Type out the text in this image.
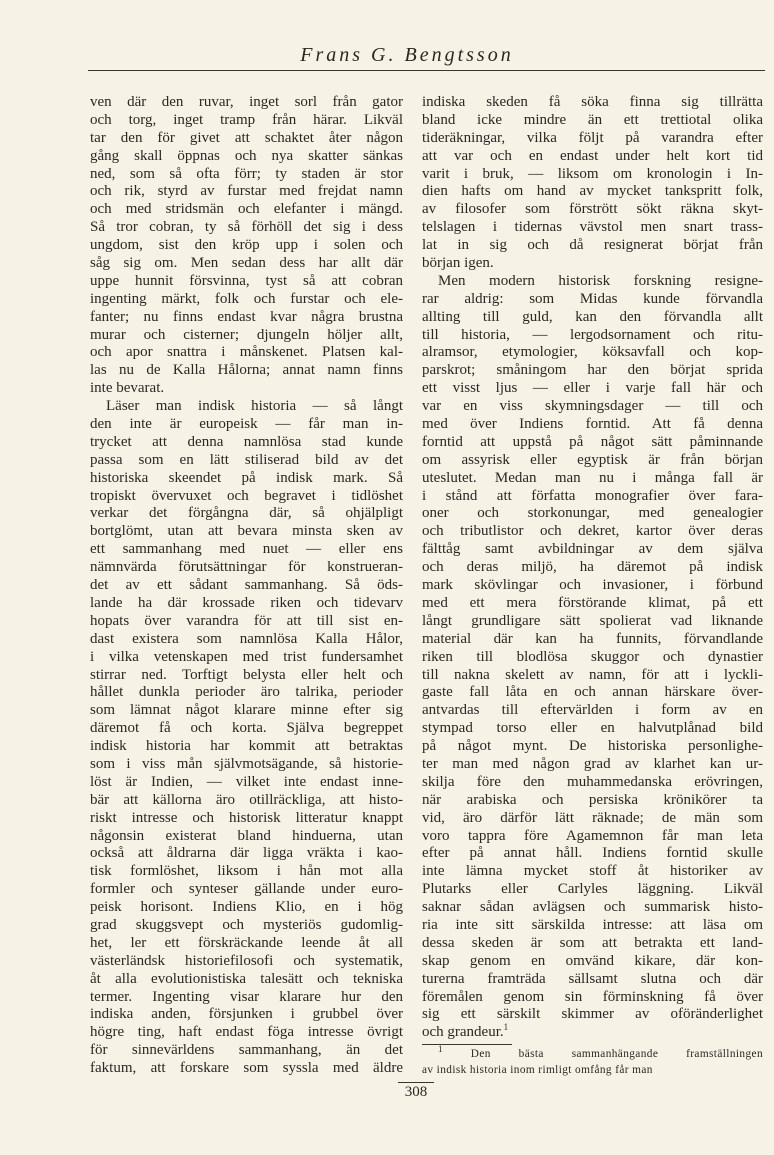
Frans G. Bengtsson
ven där den ruvar, inget sorl från gator
och torg, inget tramp från härar. Likväl
tar den för givet att schaktet åter någon
gång skall öppnas och nya skatter sänkas
ned, som så ofta förr; ty staden är stor
och rik, styrd av furstar med frejdat namn
och med stridsmän och elefanter i mängd.
Så tror cobran, ty så förhöll det sig i dess
ungdom, sist den kröp upp i solen och
såg sig om. Men sedan dess har allt där
uppe hunnit försvinna, tyst så att cobran
ingenting märkt, folk och furstar och ele-
fanter; nu finns endast kvar några brustna
murar och cisterner; djungeln höljer allt,
och apor snattra i månskenet. Platsen kal-
las nu de Kalla Hålorna; annat namn finns
inte bevarat.
Läser man indisk historia — så långt
den inte är europeisk — får man in-
trycket att denna namnlösa stad kunde
passa som en lätt stiliserad bild av det
historiska skeendet på indisk mark. Så
tropiskt övervuxet och begravet i tidlöshet
verkar det förgångna där, så ohjälpligt
bortglömt, utan att bevara minsta sken av
ett sammanhang med nuet — eller ens
nämnvärda förutsättningar för konstrueran-
det av ett sådant sammanhang. Så öds-
lande ha där krossade riken och tidevarv
hopats över varandra för att till sist en-
dast existera som namnlösa Kalla Hålor,
i vilka vetenskapen med trist fundersamhet
stirrar ned. Torftigt belysta eller helt och
hållet dunkla perioder äro talrika, perioder
som lämnat något klarare minne efter sig
däremot få och korta. Själva begreppet
indisk historia har kommit att betraktas
som i viss mån självmotsägande, så historie-
löst är Indien, — vilket inte endast inne-
bär att källorna äro otillräckliga, att histo-
riskt intresse och historisk litteratur knappt
någonsin existerat bland hinduerna, utan
också att åldrarna där ligga vräkta i kao-
tisk formlöshet, liksom i hån mot alla
formler och synteser gällande under euro-
peisk horisont. Indiens Klio, en i hög
grad skuggsvept och mysteriös gudomlig-
het, ler ett förskräckande leende åt all
västerländsk historiefilosofi och systematik,
åt alla evolutionistiska talesätt och tekniska
termer. Ingenting visar klarare hur den
indiska anden, försjunken i grubbel över
högre ting, haft endast föga intresse övrigt
för sinnevärldens sammanhang, än det
faktum, att forskare som syssla med äldre
indiska skeden få söka finna sig tillrätta
bland icke mindre än ett trettiotal olika
tideräkningar, vilka följt på varandra efter
att var och en endast under helt kort tid
varit i bruk, — liksom om kronologin i In-
dien hafts om hand av mycket tankspritt folk,
av filosofer som förstrött sökt räkna skyt-
telslagen i tidernas vävstol men snart trass-
lat in sig och då resignerat börjat från
början igen.
Men modern historisk forskning resigne-
rar aldrig: som Midas kunde förvandla
allting till guld, kan den förvandla allt
till historia, — lergodsornament och ritu-
alramsor, etymologier, köksavfall och kop-
parskrot; småningom har den börjat sprida
ett visst ljus — eller i varje fall här och
var en viss skymningsdager — till och
med över Indiens forntid. Att få denna
forntid att uppstå på något sätt påminnande
om assyrisk eller egyptisk är från början
uteslutet. Medan man nu i många fall är
i stånd att författa monografier över fara-
oner och storkonungar, med genealogier
och tributlistor och dekret, kartor över deras
fälttåg samt avbildningar av dem själva
och deras miljö, ha däremot på indisk
mark skövlingar och invasioner, i förbund
med ett mera förstörande klimat, på ett
långt grundligare sätt spolierat vad liknande
material där kan ha funnits, förvandlande
riken till blodlösa skuggor och dynastier
till nakna skelett av namn, för att i lyckli-
gaste fall låta en och annan härskare över-
antvardas till eftervärlden i form av en
stympad torso eller en halvutplånad bild
på något mynt. De historiska personlighe-
ter man med någon grad av klarhet kan ur-
skilja före den muhammedanska erövringen,
när arabiska och persiska krönikörer ta
vid, äro därför lätt räknade; de män som
voro tappra före Agamemnon får man leta
efter på annat håll. Indiens forntid skulle
inte lämna mycket stoff åt historiker av
Plutarks eller Carlyles läggning. Likväl
saknar sådan avlägsen och summarisk histo-
ria inte sitt särskilda intresse: att läsa om
dessa skeden är som att betrakta ett land-
skap genom en omvänd kikare, där kon-
turerna framträda sällsamt slutna och där
föremålen genom sin förminskning få över
sig ett särskilt skimmer av oföränderlighet
och grandeur.$^1$
$^1$ Den bästa sammanhängande framställningen
av indisk historia inom rimligt omfång får man
308
